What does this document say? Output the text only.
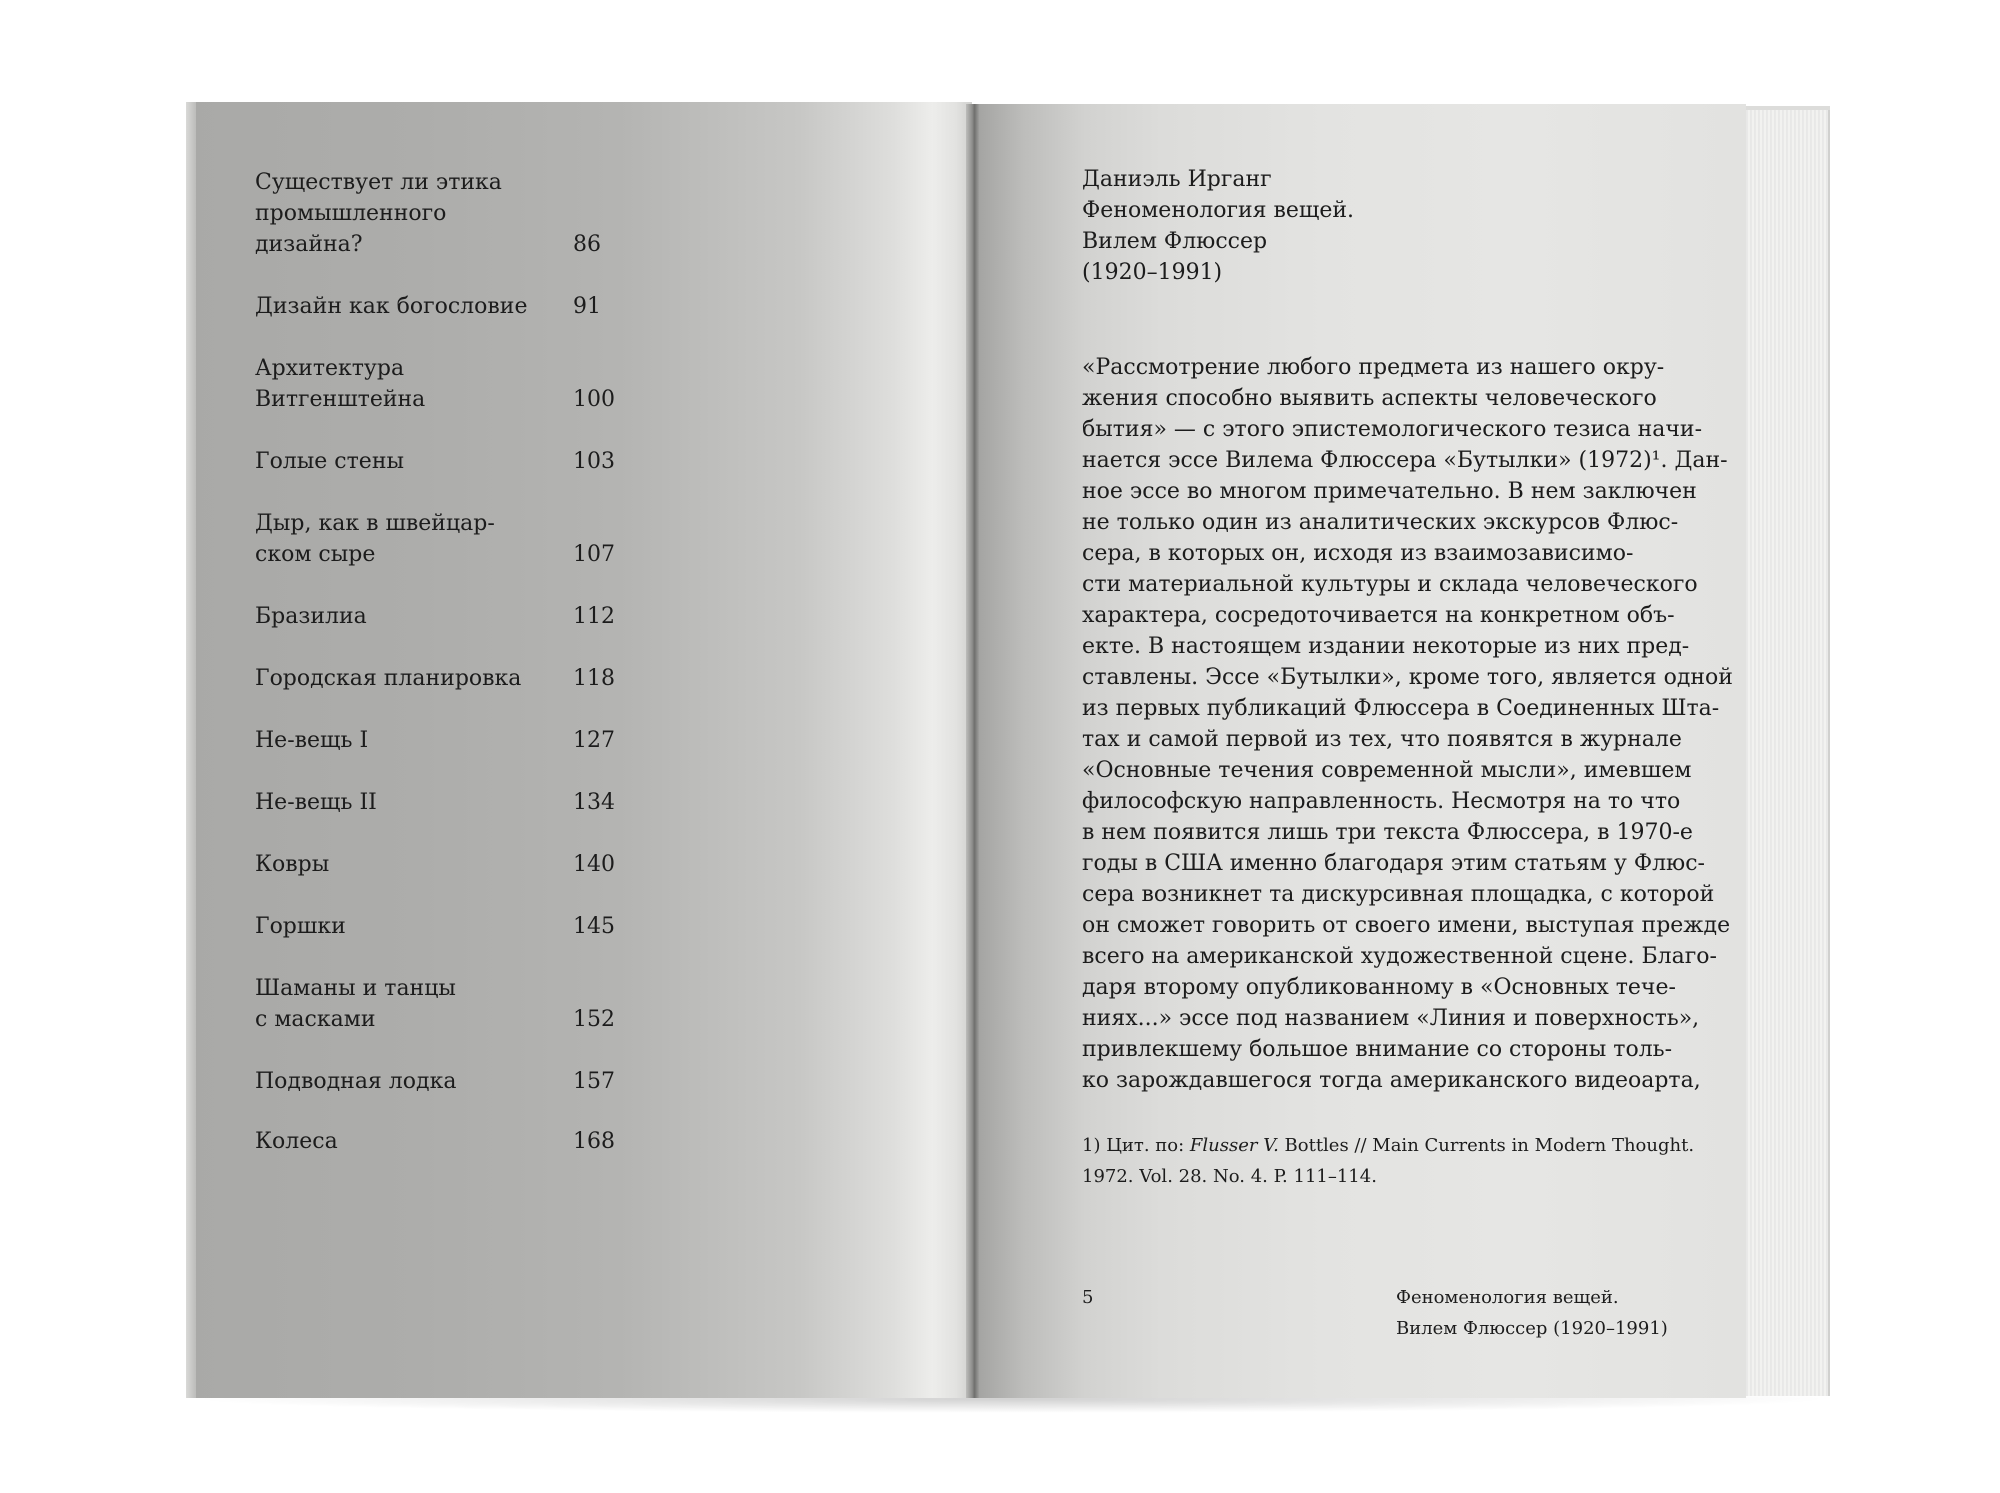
Существует ли этика
промышленного
дизайна?	86
Дизайн как богословие	91
Архитектура
Витгенштейна	100
Голые стены	103
Дыр, как в швейцар-
ском сыре	107
Бразилиа	112
Городская планировка	118
Не-вещь I	127
Не-вещь II	134
Ковры	140
Горшки	145
Шаманы и танцы
с масками	152
Подводная лодка	157
Колеса	168
Даниэль Ирганг
Феноменология вещей.
Вилем Флюссер
(1920–1991)
«Рассмотрение любого предмета из нашего окру-
жения способно выявить аспекты человеческого
бытия» — с этого эпистемологического тезиса начи-
нается эссе Вилема Флюссера «Бутылки» (1972)¹. Дан-
ное эссе во многом примечательно. В нем заключен
не только один из аналитических экскурсов Флюс-
сера, в которых он, исходя из взаимозависимо-
сти материальной культуры и склада человеческого
характера, сосредоточивается на конкретном объ-
екте. В настоящем издании некоторые из них пред-
ставлены. Эссе «Бутылки», кроме того, является одной
из первых публикаций Флюссера в Соединенных Шта-
тах и самой первой из тех, что появятся в журнале
«Основные течения современной мысли», имевшем
философскую направленность. Несмотря на то что
в нем появится лишь три текста Флюссера, в 1970-е
годы в США именно благодаря этим статьям у Флюс-
сера возникнет та дискурсивная площадка, с которой
он сможет говорить от своего имени, выступая прежде
всего на американской художественной сцене. Благо-
даря второму опубликованному в «Основных тече-
ниях...» эссе под названием «Линия и поверхность»,
привлекшему большое внимание со стороны толь-
ко зарождавшегося тогда американского видеоарта,
1) Цит. по: Flusser V. Bottles // Main Currents in Modern Thought.
1972. Vol. 28. No. 4. P. 111–114.
5	Феноменология вещей.
Вилем Флюссер (1920–1991)
